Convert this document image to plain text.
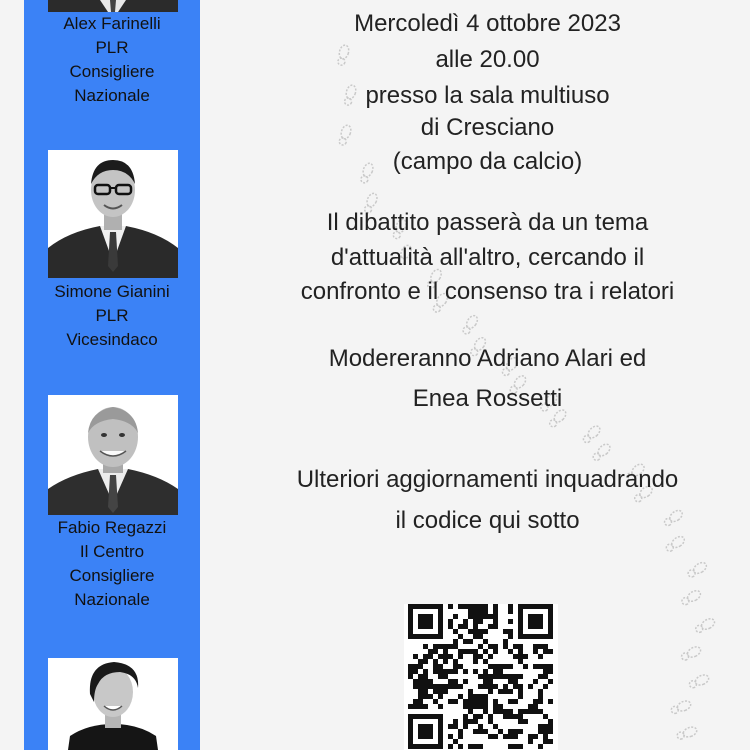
Alex Farinelli
PLR
Consigliere
Nazionale
Simone Gianini
PLR
Vicesindaco
Fabio Regazzi
Il Centro
Consigliere
Nazionale
Mercoledì 4 ottobre 2023
alle 20.00
presso la sala multiuso
di Cresciano
(campo da calcio)
Il dibattito passerà da un tema
d'attualità all'altro, cercando il
confronto e il consenso tra i relatori
Modereranno Adriano Alari ed
Enea Rossetti
Ulteriori aggiornamenti inquadrando
il codice qui sotto
